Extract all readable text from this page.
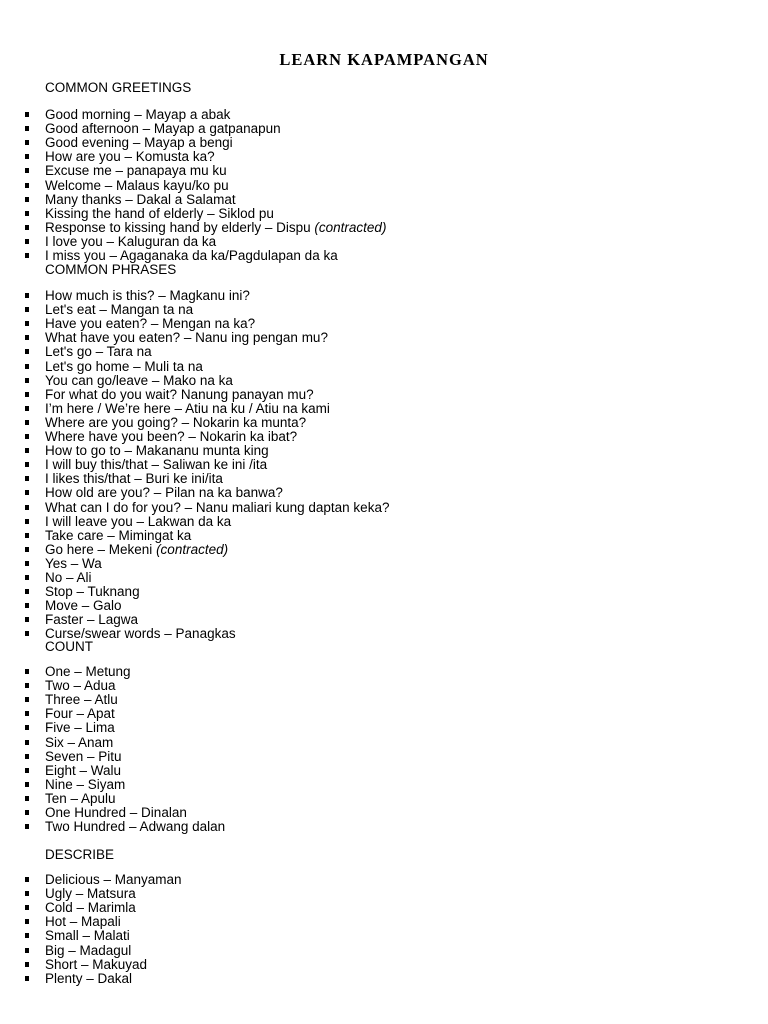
LEARN KAPAMPANGAN
COMMON GREETINGS
Good morning – Mayap a abak
Good afternoon – Mayap a gatpanapun
Good evening – Mayap a bengi
How are you – Komusta ka?
Excuse me – panapaya mu ku
Welcome – Malaus kayu/ko pu
Many thanks – Dakal a Salamat
Kissing the hand of elderly – Siklod pu
Response to kissing hand by elderly – Dispu (contracted)
I love you – Kaluguran da ka
I miss you – Agaganaka da ka/Pagdulapan da ka
COMMON PHRASES
How much is this? – Magkanu ini?
Let's eat – Mangan ta na
Have you eaten? – Mengan na ka?
What have you eaten? – Nanu ing pengan mu?
Let's go – Tara na
Let's go home – Muli ta na
You can go/leave – Mako na ka
For what do you wait? Nanung panayan mu?
I’m here / We’re here – Atiu na ku / Atiu na kami
Where are you going? – Nokarin ka munta?
Where have you been? – Nokarin ka ibat?
How to go to – Makananu munta king
I will buy this/that – Saliwan ke ini /ita
I likes this/that – Buri ke ini/ita
How old are you? – Pilan na ka banwa?
What can I do for you? – Nanu maliari kung daptan keka?
I will leave you – Lakwan da ka
Take care – Mimingat ka
Go here – Mekeni (contracted)
Yes – Wa
No – Ali
Stop – Tuknang
Move – Galo
Faster – Lagwa
Curse/swear words – Panagkas
COUNT
One – Metung
Two – Adua
Three – Atlu
Four – Apat
Five – Lima
Six – Anam
Seven – Pitu
Eight – Walu
Nine – Siyam
Ten – Apulu
One Hundred – Dinalan
Two Hundred – Adwang dalan
DESCRIBE
Delicious – Manyaman
Ugly – Matsura
Cold – Marimla
Hot – Mapali
Small – Malati
Big – Madagul
Short – Makuyad
Plenty – Dakal
